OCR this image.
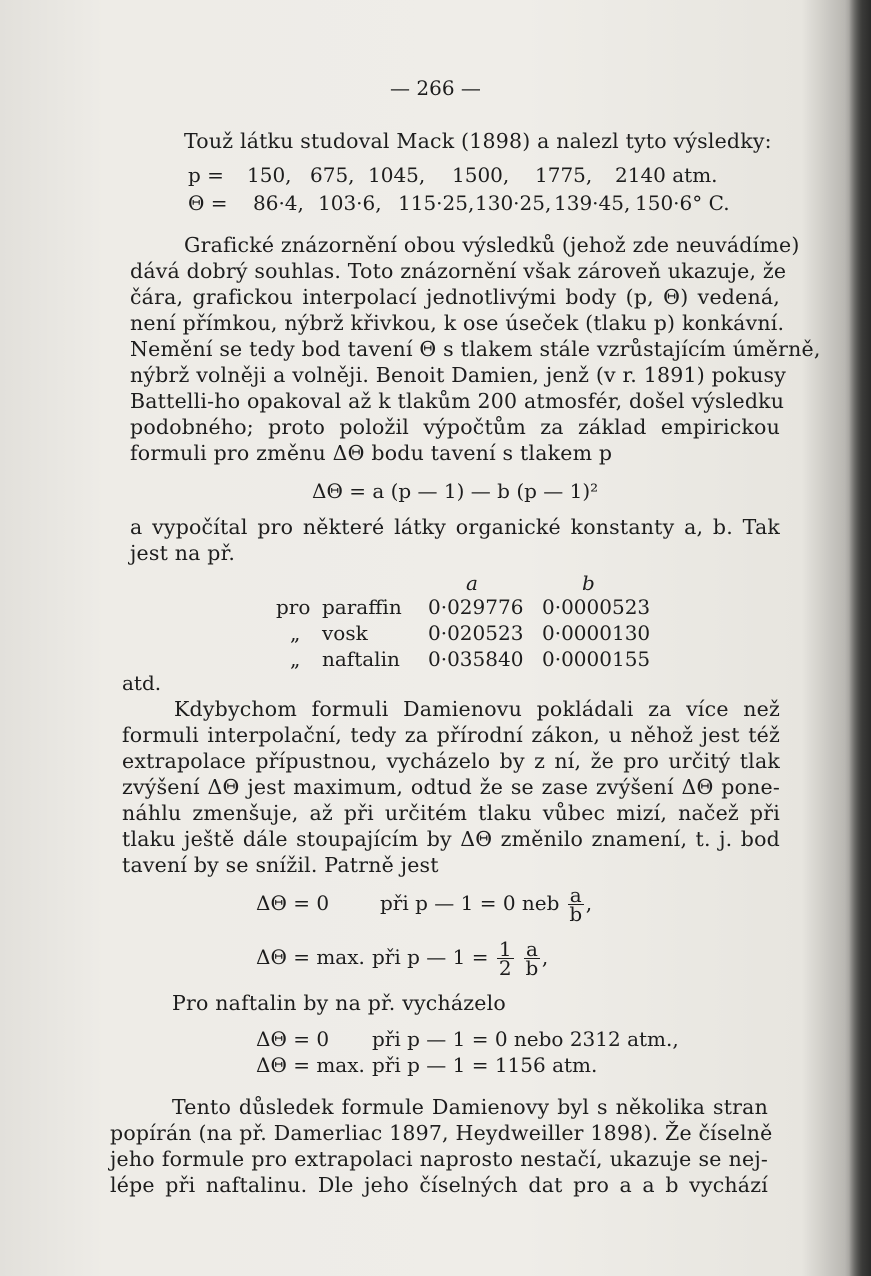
— 266 —
Touž látku studoval Mack (1898) a nalezl tyto výsledky:
p = 150, 675, 1045, 1500, 1775, 2140 atm.
Θ = 86·4, 103·6, 115·25, 130·25, 139·45, 150·6° C.
Grafické znázornění obou výsledků (jehož zde neuvádíme)
dává dobrý souhlas. Toto znázornění však zároveň ukazuje, že
čára, grafickou interpolací jednotlivými body (p, Θ) vedená,
není přímkou, nýbrž křivkou, k ose úseček (tlaku p) konkávní.
Nemění se tedy bod tavení Θ s tlakem stále vzrůstajícím úměrně,
nýbrž volněji a volněji. Benoit Damien, jenž (v r. 1891) pokusy
Battelli-ho opakoval až k tlakům 200 atmosfér, došel výsledku
podobného; proto položil výpočtům za základ empirickou
formuli pro změnu ΔΘ bodu tavení s tlakem p
ΔΘ = a (p — 1) — b (p — 1)²
a vypočítal pro některé látky organické konstanty a, b. Tak
jest na př.
a	b
pro paraffin 0·029776 0·0000523
„ vosk	0·020523 0·0000130
„ naftalin 0·035840 0·0000155
atd.
Kdybychom formuli Damienovu pokládali za více než
formuli interpolační, tedy za přírodní zákon, u něhož jest též
extrapolace přípustnou, vycházelo by z ní, že pro určitý tlak
zvýšení ΔΘ jest maximum, odtud že se zase zvýšení ΔΘ pone-
náhlu zmenšuje, až při určitém tlaku vůbec mizí, načež při
tlaku ještě dále stoupajícím by ΔΘ změnilo znamení, t. j. bod
tavení by se snížil. Patrně jest
ΔΘ = 0	při p — 1 = 0 neb $\frac{a}{b}$ ,
ΔΘ = max. při p — $1 = \frac{1}{2}$
$\frac{a}{b}$ ,
Pro naftalin by na př. vycházelo
ΔΘ = 0 při p — 1 = 0 nebo 2312 atm.,
ΔΘ = max. při p — 1 = 1156 atm.
Tento důsledek formule Damienovy byl s několika stran
popírán (na př. Damerliac 1897, Heydweiller 1898). Že číselně
jeho formule pro extrapolaci naprosto nestačí, ukazuje se nej-
lépe při naftalinu. Dle jeho číselných dat pro a a b vychází
